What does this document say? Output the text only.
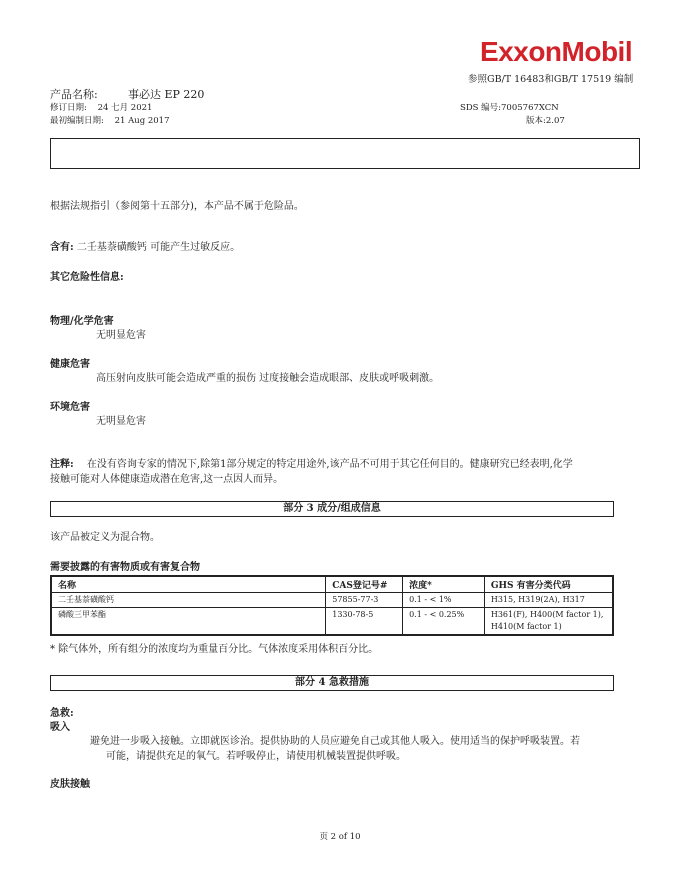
ExxonMobil
参照GB/T 16483和GB/T 17519 编制
产品名称:	事必达 EP 220
修订日期: 24 七月 2021
最初编制日期: 21 Aug 2017
SDS 编号:7005767XCN
版本:2.07
根据法规指引（参阅第十五部分)，本产品不属于危险品。
含有: 二壬基萘磺酸钙 可能产生过敏反应。
其它危险性信息:
物理/化学危害
无明显危害
健康危害
高压射向皮肤可能会造成严重的损伤 过度接触会造成眼部、皮肤或呼吸刺激。
环境危害
无明显危害
注释: 在没有咨询专家的情况下,除第1部分规定的特定用途外,该产品不可用于其它任何目的。健康研究已经表明,化学
接触可能对人体健康造成潜在危害,这一点因人而异。
部分 3 成分/组成信息
该产品被定义为混合物。
需要披露的有害物质或有害复合物
名称	CAS登记号#	浓度*	GHS 有害分类代码
二壬基萘磺酸钙	57855-77-3	0.1 - < 1%	H315, H319(2A), H317
磷酸三甲苯酯	1330-78-5	0.1 - < 0.25%	H361(F), H400(M factor 1), H410(M factor 1)
* 除气体外，所有组分的浓度均为重量百分比。气体浓度采用体积百分比。
部分 4 急救措施
急救:
吸入
避免进一步吸入接触。立即就医诊治。提供协助的人员应避免自己或其他人吸入。使用适当的保护呼吸装置。若
可能，请提供充足的氧气。若呼吸停止，请使用机械装置提供呼吸。
皮肤接触
页 2 of 10
